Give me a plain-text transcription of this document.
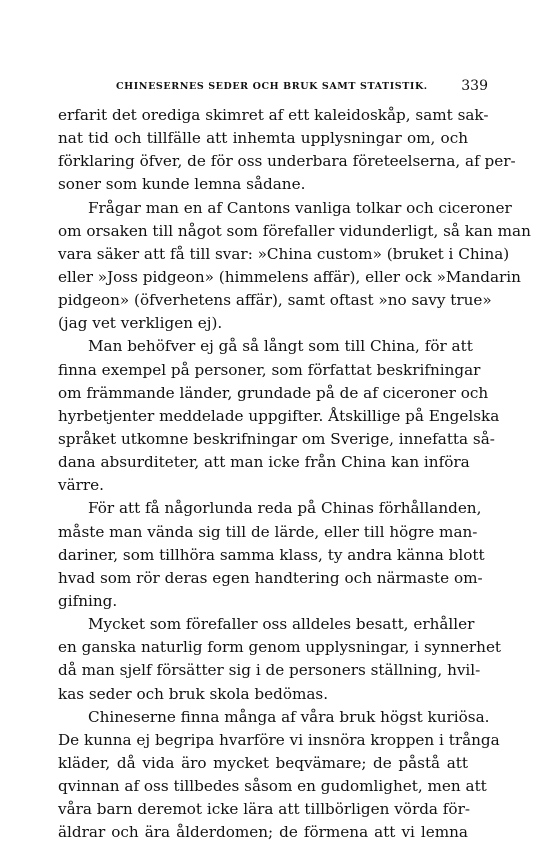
CHINESERNES SEDER OCH BRUK SAMT STATISTIK. 339
erfarit det orediga skimret af ett kaleidoskåp, samt sak-
nat tid och tillfälle att inhemta upplysningar om, och
förklaring öfver, de för oss underbara företeelserna, af per-
soner som kunde lemna sådane.
Frågar man en af Cantons vanliga tolkar och ciceroner
om orsaken till något som förefaller vidunderligt, så kan man
vara säker att få till svar: »China custom» (bruket i China)
eller »Joss pidgeon» (himmelens affär), eller ock »Mandarin
pidgeon» (öfverhetens affär), samt oftast »no savy true»
(jag vet verkligen ej).
Man behöfver ej gå så långt som till China, för att
finna exempel på personer, som författat beskrifningar
om främmande länder, grundade på de af ciceroner och
hyrbetjenter meddelade uppgifter. Åtskillige på Engelska
språket utkomne beskrifningar om Sverige, innefatta så-
dana absurditeter, att man icke från China kan införa
värre.
För att få någorlunda reda på Chinas förhållanden,
måste man vända sig till de lärde, eller till högre man-
dariner, som tillhöra samma klass, ty andra känna blott
hvad som rör deras egen handtering och närmaste om-
gifning.
Mycket som förefaller oss alldeles besatt, erhåller
en ganska naturlig form genom upplysningar, i synnerhet
då man sjelf försätter sig i de personers ställning, hvil-
kas seder och bruk skola bedömas.
Chineserne finna många af våra bruk högst kuriösa.
De kunna ej begripa hvarföre vi insnöra kroppen i trånga
kläder, då vida äro mycket beqvämare; de påstå att
qvinnan af oss tillbedes såsom en gudomlighet, men att
våra barn deremot icke lära att tillbörligen vörda för-
äldrar och ära ålderdomen; de förmena att vi lemna
